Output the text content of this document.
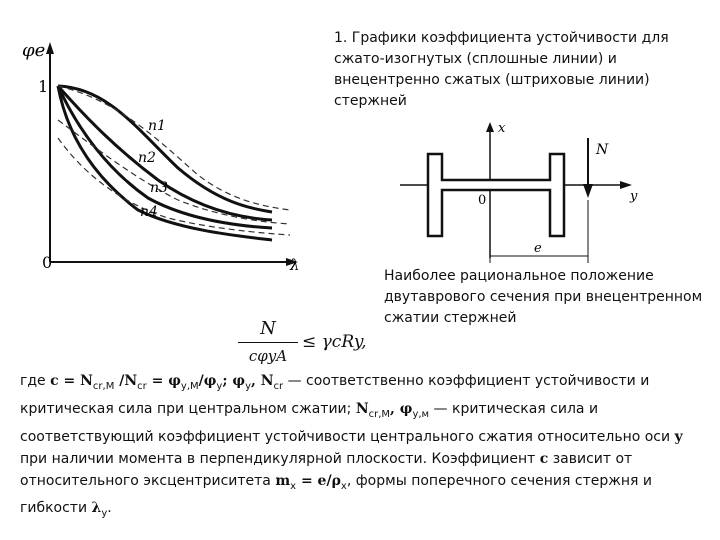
φe
λ
0
1
n1
n2
n3
n4
1. Графики коэффициента устойчивости для сжато-изогнутых (сплошные линии) и внецентренно сжатых (штриховые линии) стержней
x
y
N
0
e
Наиболее рациональное положение двутаврового сечения при внецентренном сжатии стержней
N
cφyA
≤ γcRy,
где $c = N_{cr,M}$ $/N_{cr} = \varphi_{y,M}/\varphi_y$; $\varphi_y$, $N_{cr}$ — соответственно коэффициент устойчивости и критическая сила при центральном сжатии; $N_{cr,M}$, $\varphi_{y,м}$ — критическая сила и соответствующий коэффициент устойчивости центрального сжатия относительно оси y при наличии момента в перпендикулярной плоскости. Коэффициент c зависит от относительного эксцентриситета $m_x = e/\rho_x$, формы поперечного сечения стержня и гибкости $\lambda_y$.
